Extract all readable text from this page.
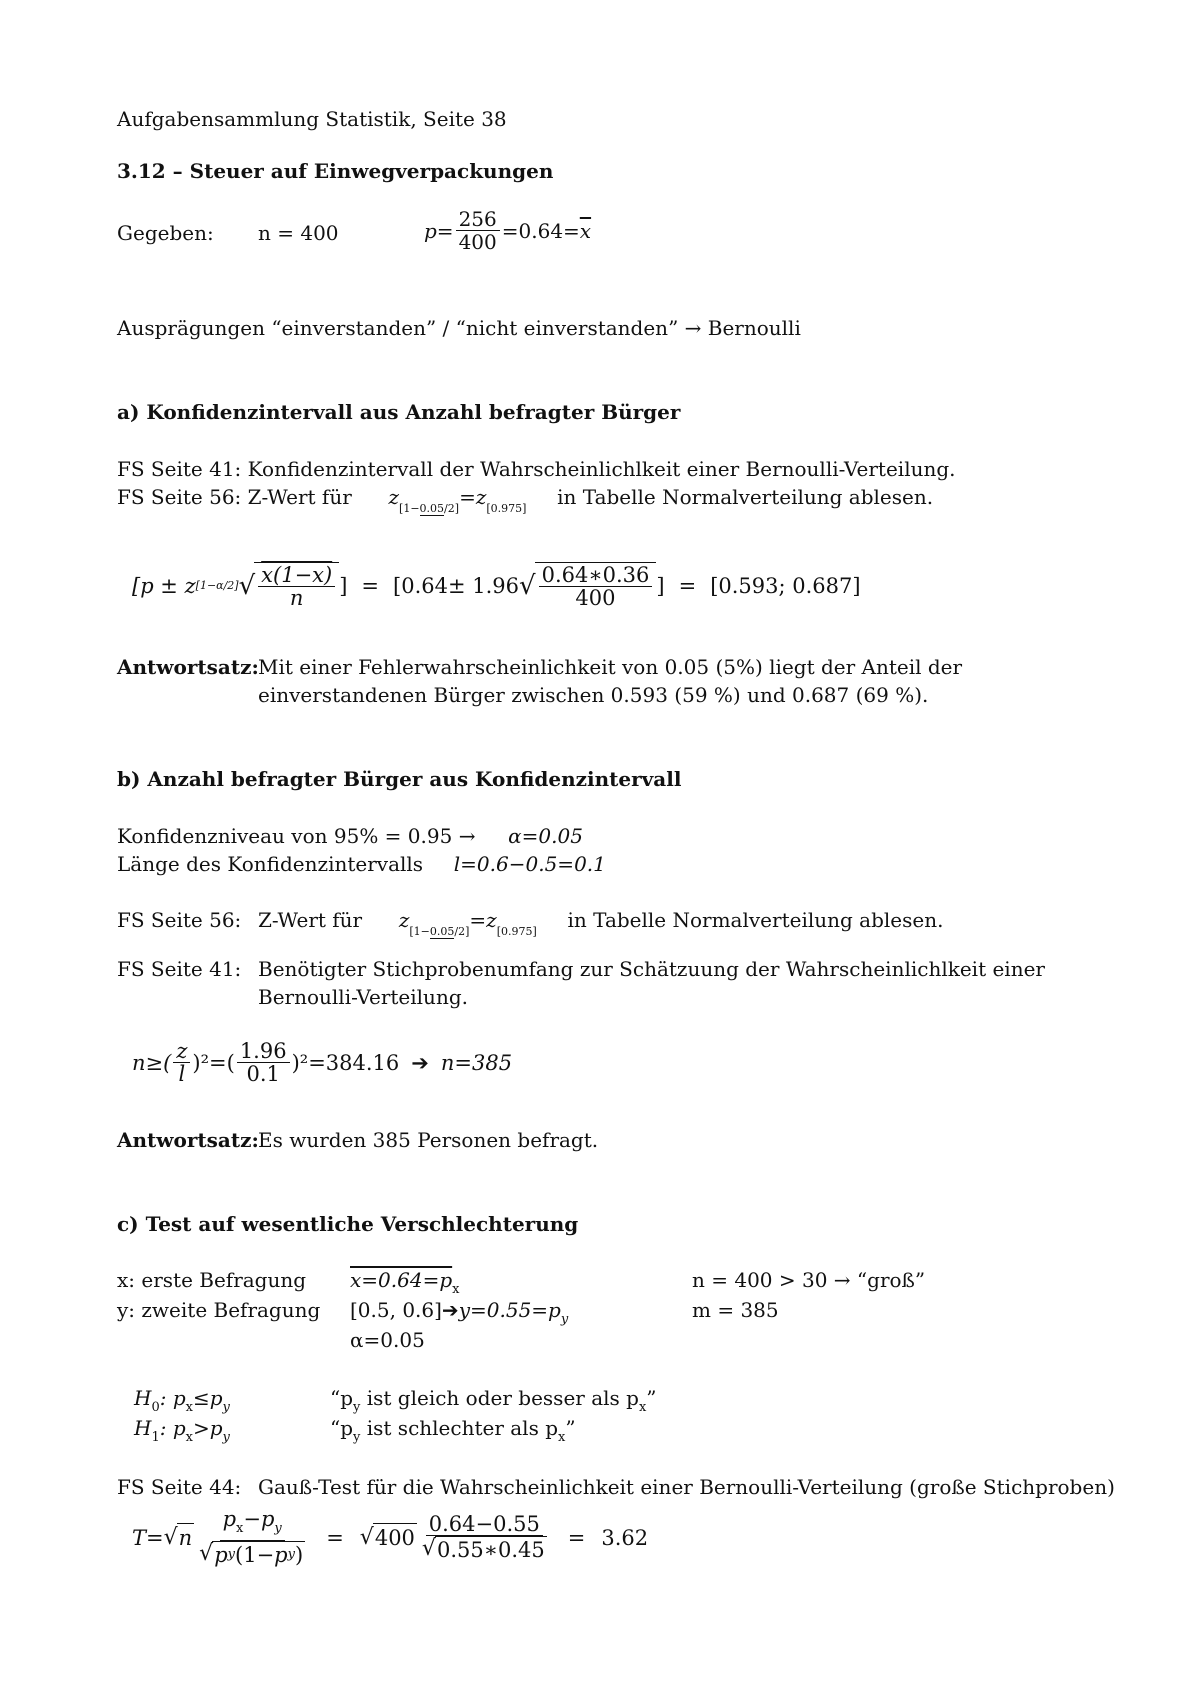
Aufgabensammlung Statistik, Seite 38
3.12 – Steuer auf Einwegverpackungen
Gegeben: n = 400	$p= \frac{256}{400} =0.64= \overline{x}$
Ausprägungen “einverstanden” / “nicht einverstanden” → Bernoulli
a) Konfidenzintervall aus Anzahl befragter Bürger
FS Seite 41: Konfidenzintervall der Wahrscheinlichlkeit einer Bernoulli-Verteilung.
FS Seite 56: Z-Wert für $z_{[1-0.05/2]}=z_{[0.975]}$ in Tabelle Normalverteilung ablesen.
[p ± z [1−α/2] √ $\frac{x(1-x)}{n}$ ] = [0.64± 1.96 √ $\frac{0.64∗0.36}{400}$ ] = [0.593; 0.687]
Antwortsatz: Mit einer Fehlerwahrscheinlichkeit von 0.05 (5%) liegt der Anteil der
einverstandenen Bürger zwischen 0.593 (59 %) und 0.687 (69 %).
b) Anzahl befragter Bürger aus Konfidenzintervall
Konfidenzniveau von 95% = 0.95 → α=0.05
Länge des Konfidenzintervalls l=0.6−0.5=0.1
FS Seite 56: Z-Wert für $z_{[1-0.05/2]}=z_{[0.975]}$ in Tabelle Normalverteilung ablesen.
FS Seite 41: Benötigter Stichprobenumfang zur Schätzuung der Wahrscheinlichlkeit einer
Bernoulli-Verteilung.
$n\ge( \frac{z}{l} )^2=( \frac{1.96}{0.1} )^2=384.16$ ➔ n=385
Antwortsatz: Es wurden 385 Personen befragt.
c) Test auf wesentliche Verschlechterung
x: erste Befragung $x=0.64=p_x$	n = 400 > 30 → “groß”
y: zweite Befragung [0.5, $0.6]➔y=0.55=p_y$	m = 385
α=0.05
$H_0$: $p_x\le p_y$	“$p_y$ ist gleich oder besser als $p_x$”
$H_1$: $p_x>p_y$	“$p_y$ ist schlechter als $p_x$”
FS Seite 44: Gauß-Test für die Wahrscheinlichkeit einer Bernoulli-Verteilung (große Stichproben)
T= √ n $\frac{p_x-p_y}{\text{√ p y (1− p y )}}$ = √ $400 \frac{0.64-0.55}{√ 0.55∗0.45} = 3.62$
